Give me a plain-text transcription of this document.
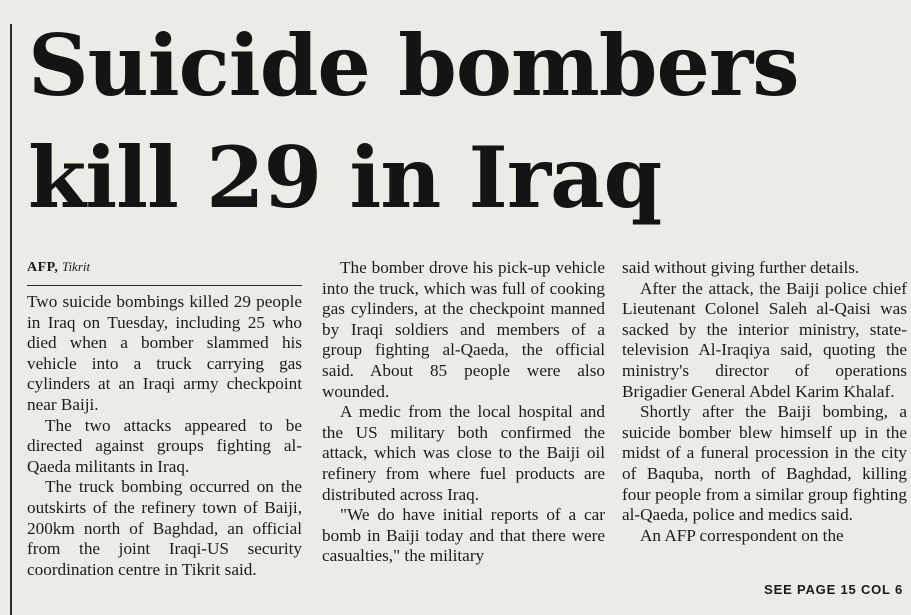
Suicide bombers
kill 29 in Iraq
AFP, Tikrit

Two suicide bombings killed 29 people in Iraq on Tuesday, including 25 who died when a bomber slammed his vehicle into a truck carrying gas cylinders at an Iraqi army checkpoint near Baiji.

The two attacks appeared to be directed against groups fighting al-Qaeda militants in Iraq.

The truck bombing occurred on the outskirts of the refinery town of Baiji, 200km north of Baghdad, an official from the joint Iraqi-US security coordination centre in Tikrit said.

The bomber drove his pick-up vehicle into the truck, which was full of cooking gas cylinders, at the checkpoint manned by Iraqi soldiers and members of a group fighting al-Qaeda, the official said. About 85 people were also wounded.

A medic from the local hospital and the US military both confirmed the attack, which was close to the Baiji oil refinery from where fuel products are distributed across Iraq.

"We do have initial reports of a car bomb in Baiji today and that there were casualties," the military

said without giving further details.

After the attack, the Baiji police chief Lieutenant Colonel Saleh al-Qaisi was sacked by the interior ministry, state-television Al-Iraqiya said, quoting the ministry's director of operations Brigadier General Abdel Karim Khalaf.

Shortly after the Baiji bombing, a suicide bomber blew himself up in the midst of a funeral procession in the city of Baquba, north of Baghdad, killing four people from a similar group fighting al-Qaeda, police and medics said.

An AFP correspondent on the

SEE PAGE 15 COL 6
